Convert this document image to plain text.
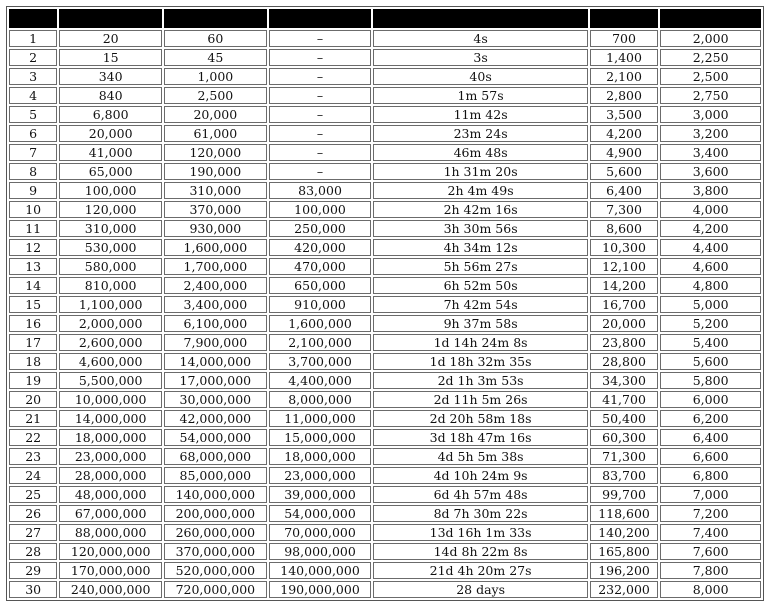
1	20	60	–	4s	700	2,000
2	15	45	–	3s	1,400	2,250
3	340	1,000	–	40s	2,100	2,500
4	840	2,500	–	1m 57s	2,800	2,750
5	6,800	20,000	–	11m 42s	3,500	3,000
6	20,000	61,000	–	23m 24s	4,200	3,200
7	41,000	120,000	–	46m 48s	4,900	3,400
8	65,000	190,000	–	1h 31m 20s	5,600	3,600
9	100,000	310,000	83,000	2h 4m 49s	6,400	3,800
10	120,000	370,000	100,000	2h 42m 16s	7,300	4,000
11	310,000	930,000	250,000	3h 30m 56s	8,600	4,200
12	530,000	1,600,000	420,000	4h 34m 12s	10,300	4,400
13	580,000	1,700,000	470,000	5h 56m 27s	12,100	4,600
14	810,000	2,400,000	650,000	6h 52m 50s	14,200	4,800
15	1,100,000	3,400,000	910,000	7h 42m 54s	16,700	5,000
16	2,000,000	6,100,000	1,600,000	9h 37m 58s	20,000	5,200
17	2,600,000	7,900,000	2,100,000	1d 14h 24m 8s	23,800	5,400
18	4,600,000	14,000,000	3,700,000	1d 18h 32m 35s	28,800	5,600
19	5,500,000	17,000,000	4,400,000	2d 1h 3m 53s	34,300	5,800
20	10,000,000	30,000,000	8,000,000	2d 11h 5m 26s	41,700	6,000
21	14,000,000	42,000,000	11,000,000	2d 20h 58m 18s	50,400	6,200
22	18,000,000	54,000,000	15,000,000	3d 18h 47m 16s	60,300	6,400
23	23,000,000	68,000,000	18,000,000	4d 5h 5m 38s	71,300	6,600
24	28,000,000	85,000,000	23,000,000	4d 10h 24m 9s	83,700	6,800
25	48,000,000	140,000,000	39,000,000	6d 4h 57m 48s	99,700	7,000
26	67,000,000	200,000,000	54,000,000	8d 7h 30m 22s	118,600	7,200
27	88,000,000	260,000,000	70,000,000	13d 16h 1m 33s	140,200	7,400
28	120,000,000	370,000,000	98,000,000	14d 8h 22m 8s	165,800	7,600
29	170,000,000	520,000,000	140,000,000	21d 4h 20m 27s	196,200	7,800
30	240,000,000	720,000,000	190,000,000	28 days	232,000	8,000
